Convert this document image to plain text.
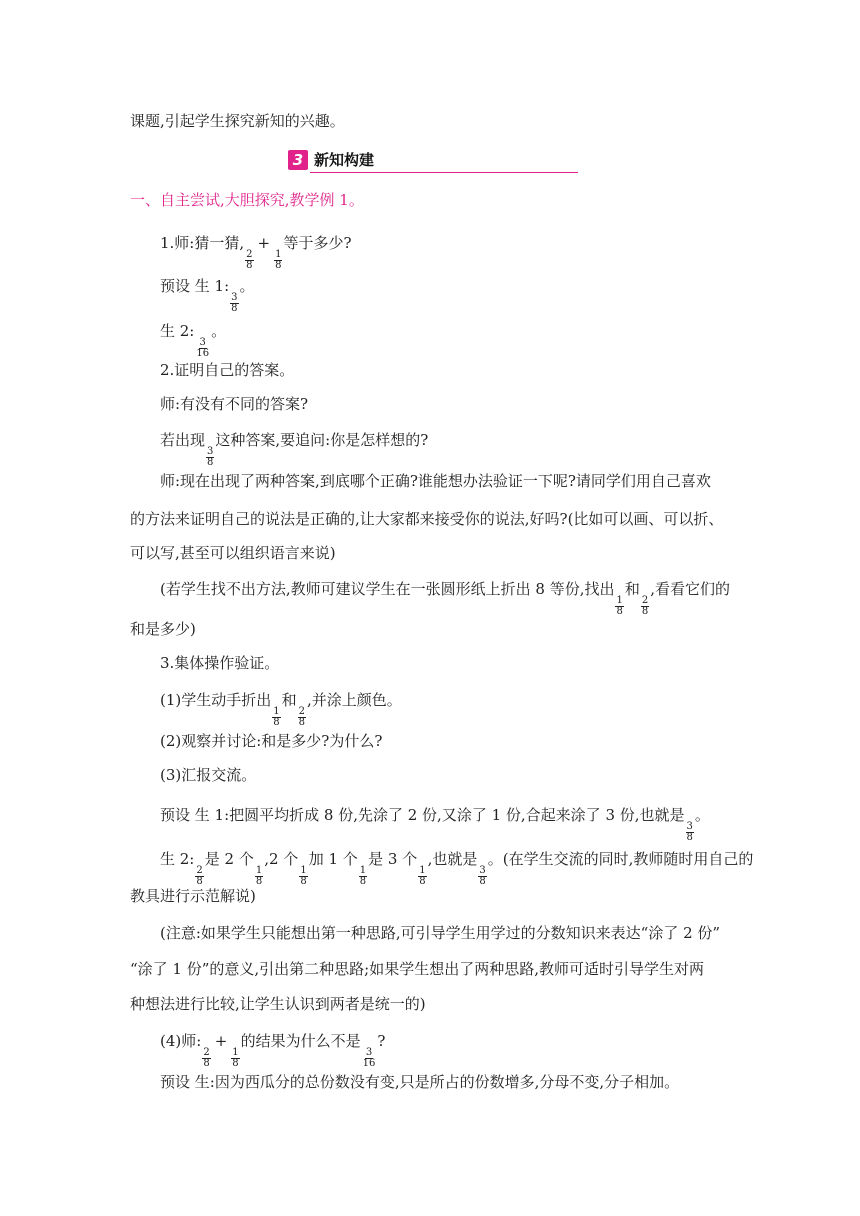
课题,引起学生探究新知的兴趣。
3 新知构建
一、自主尝试,大胆探究,教学例 1。
1.师:猜一猜,
$\frac{2}{8}$
+
$\frac{1}{8}$
等于多少?
预设 生 1:
$\frac{3}{8}$
。
生 2:
$\frac{3}{16}$
。
2.证明自己的答案。
师:有没有不同的答案?
若出现
$\frac{3}{8}$
这种答案,要追问:你是怎样想的?
师:现在出现了两种答案,到底哪个正确?谁能想办法验证一下呢?请同学们用自己喜欢
的方法来证明自己的说法是正确的,让大家都来接受你的说法,好吗?(比如可以画、可以折、
可以写,甚至可以组织语言来说)
(若学生找不出方法,教师可建议学生在一张圆形纸上折出 8 等份,找出
$\frac{1}{8}$
和
$\frac{2}{8}$
,看看它们的
和是多少)
3.集体操作验证。
(1)学生动手折出
$\frac{1}{8}$
和
$\frac{2}{8}$
,并涂上颜色。
(2)观察并讨论:和是多少?为什么?
(3)汇报交流。
预设 生 1:把圆平均折成 8 份,先涂了 2 份,又涂了 1 份,合起来涂了 3 份,也就是
$\frac{3}{8}$
。
生 2:
$\frac{2}{8}$
是 2 个
$\frac{1}{8}$
,2 个
$\frac{1}{8}$
加 1 个
$\frac{1}{8}$
是 3 个
$\frac{1}{8}$
,也就是
$\frac{3}{8}$
。(在学生交流的同时,教师随时用自己的
教具进行示范解说)
(注意:如果学生只能想出第一种思路,可引导学生用学过的分数知识来表达“涂了 2 份”
“涂了 1 份”的意义,引出第二种思路;如果学生想出了两种思路,教师可适时引导学生对两
种想法进行比较,让学生认识到两者是统一的)
(4)师:
$\frac{2}{8}$
+
$\frac{1}{8}$
的结果为什么不是
$\frac{3}{16}$
?
预设 生:因为西瓜分的总份数没有变,只是所占的份数增多,分母不变,分子相加。
